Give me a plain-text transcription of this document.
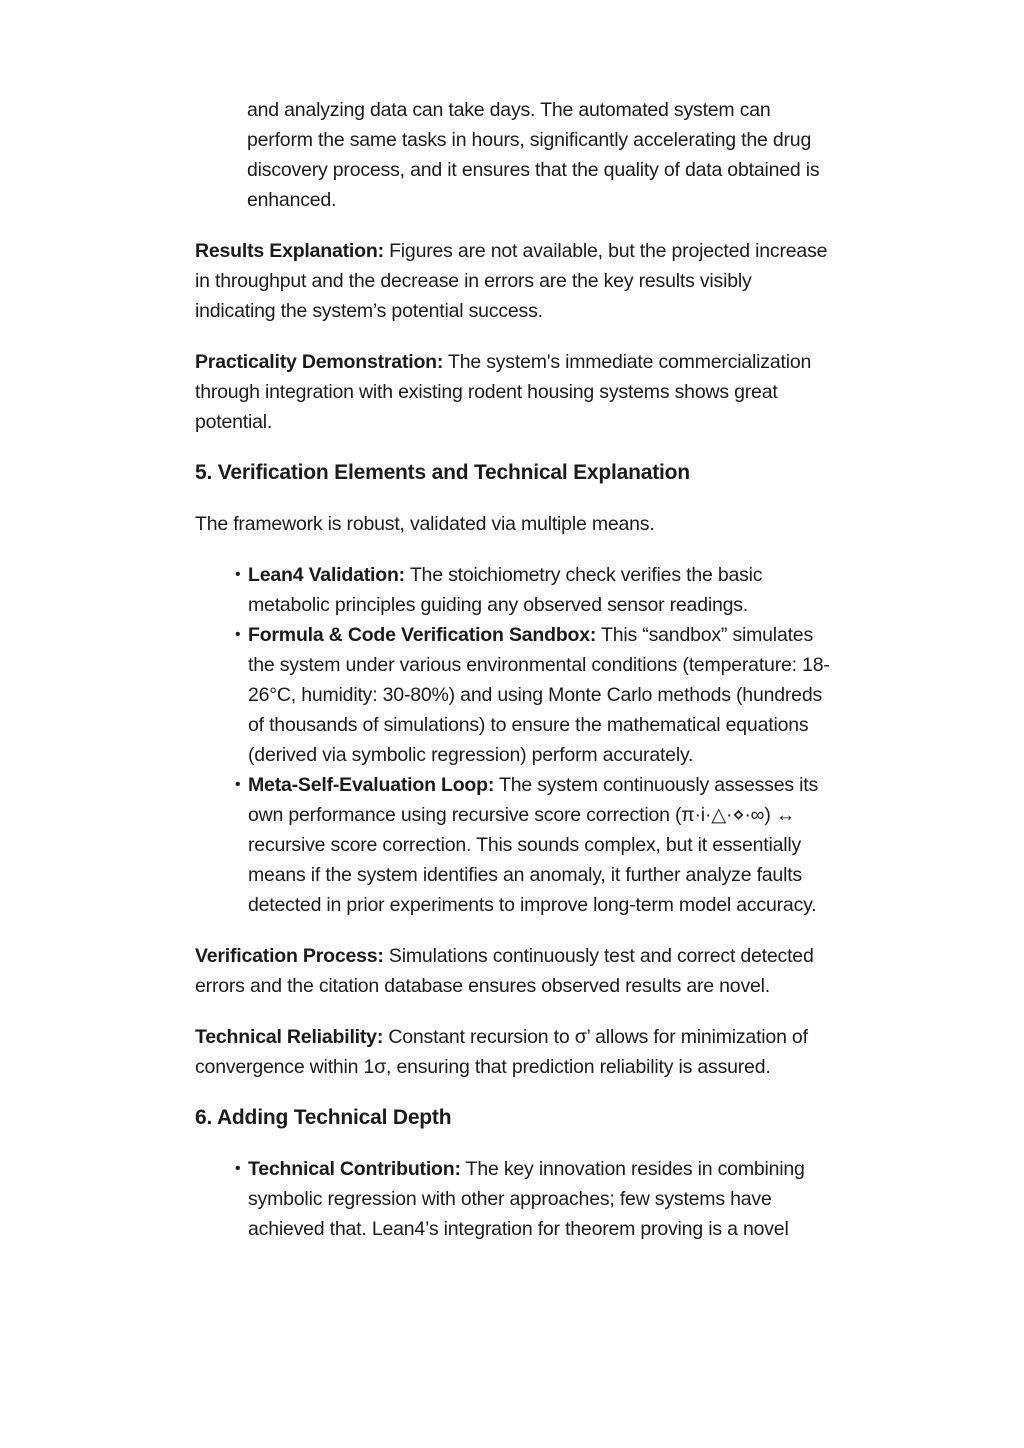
and analyzing data can take days. The automated system can perform the same tasks in hours, significantly accelerating the drug discovery process, and it ensures that the quality of data obtained is enhanced.

Results Explanation: Figures are not available, but the projected increase in throughput and the decrease in errors are the key results visibly indicating the system’s potential success.

Practicality Demonstration: The system's immediate commercialization through integration with existing rodent housing systems shows great potential.

5. Verification Elements and Technical Explanation

The framework is robust, validated via multiple means.

• Lean4 Validation: The stoichiometry check verifies the basic metabolic principles guiding any observed sensor readings.
• Formula & Code Verification Sandbox: This “sandbox” simulates the system under various environmental conditions (temperature: 18-26°C, humidity: 30-80%) and using Monte Carlo methods (hundreds of thousands of simulations) to ensure the mathematical equations (derived via symbolic regression) perform accurately.
• Meta-Self-Evaluation Loop: The system continuously assesses its own performance using recursive score correction (π·i·△·⋄·∞) ↔ recursive score correction. This sounds complex, but it essentially means if the system identifies an anomaly, it further analyze faults detected in prior experiments to improve long-term model accuracy.

Verification Process: Simulations continuously test and correct detected errors and the citation database ensures observed results are novel.

Technical Reliability: Constant recursion to σ’ allows for minimization of convergence within 1σ, ensuring that prediction reliability is assured.

6. Adding Technical Depth
• Technical Contribution: The key innovation resides in combining symbolic regression with other approaches; few systems have achieved that. Lean4’s integration for theorem proving is a novel
